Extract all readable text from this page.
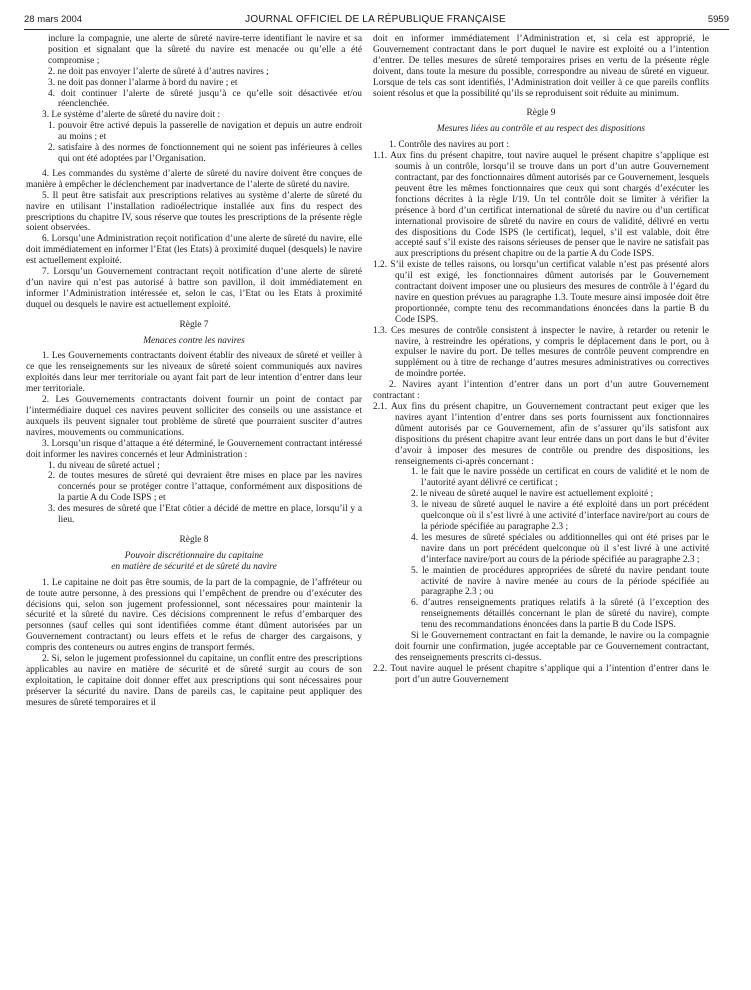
28 mars 2004	JOURNAL OFFICIEL DE LA RÉPUBLIQUE FRANÇAISE	5959

inclure la compagnie, une alerte de sûreté navire-terre identifiant le navire et sa position et signalant que la sûreté du navire est menacée ou qu’elle a été compromise ;

2. ne doit pas envoyer l’alerte de sûreté à d’autres navires ;

3. ne doit pas donner l’alarme à bord du navire ; et

4. doit continuer l’alerte de sûreté jusqu’à ce qu’elle soit désactivée et/ou réenclenchée.

3. Le système d’alerte de sûreté du navire doit :

1. pouvoir être activé depuis la passerelle de navigation et depuis un autre endroit au moins ; et

2. satisfaire à des normes de fonctionnement qui ne soient pas inférieures à celles qui ont été adoptées par l’Organisation.

4. Les commandes du système d’alerte de sûreté du navire doivent être conçues de manière à empêcher le déclenchement par inadvertance de l’alerte de sûreté du navire.

5. Il peut être satisfait aux prescriptions relatives au système d’alerte de sûreté du navire en utilisant l’installation radioélectrique installée aux fins du respect des prescriptions du chapitre IV, sous réserve que toutes les prescriptions de la présente règle soient observées.

6. Lorsqu’une Administration reçoit notification d’une alerte de sûreté du navire, elle doit immédiatement en informer l’Etat (les Etats) à proximité duquel (desquels) le navire est actuellement exploité.

7. Lorsqu’un Gouvernement contractant reçoit notification d’une alerte de sûreté d’un navire qui n’est pas autorisé à battre son pavillon, il doit immédiatement en informer l’Administration intéressée et, selon le cas, l’Etat ou les Etats à proximité duquel ou desquels le navire est actuellement exploité.

Règle 7

Menaces contre les navires

1. Les Gouvernements contractants doivent établir des niveaux de sûreté et veiller à ce que les renseignements sur les niveaux de sûreté soient communiqués aux navires exploités dans leur mer territoriale ou ayant fait part de leur intention d’entrer dans leur mer territoriale.

2. Les Gouvernements contractants doivent fournir un point de contact par l’intermédiaire duquel ces navires peuvent solliciter des conseils ou une assistance et auxquels ils peuvent signaler tout problème de sûreté que pourraient susciter d’autres navires, mouvements ou communications.

3. Lorsqu’un risque d’attaque a été déterminé, le Gouvernement contractant intéressé doit informer les navires concernés et leur Administration :

1. du niveau de sûreté actuel ;

2. de toutes mesures de sûreté qui devraient être mises en place par les navires concernés pour se protéger contre l’attaque, conformément aux dispositions de la partie A du Code ISPS ; et

3. des mesures de sûreté que l’Etat côtier a décidé de mettre en place, lorsqu’il y a lieu.

Règle 8

Pouvoir discrétionnaire du capitaine

en matière de sécurité et de sûreté du navire

1. Le capitaine ne doit pas être soumis, de la part de la compagnie, de l’affréteur ou de toute autre personne, à des pressions qui l’empêchent de prendre ou d’exécuter des décisions qui, selon son jugement professionnel, sont nécessaires pour maintenir la sécurité et la sûreté du navire. Ces décisions comprennent le refus d’embarquer des personnes (sauf celles qui sont identifiées comme étant dûment autorisées par un Gouvernement contractant) ou leurs effets et le refus de charger des cargaisons, y compris des conteneurs ou autres engins de transport fermés.

2. Si, selon le jugement professionnel du capitaine, un conflit entre des prescriptions applicables au navire en matière de sécurité et de sûreté surgit au cours de son exploitation, le capitaine doit donner effet aux prescriptions qui sont nécessaires pour préserver la sécurité du navire. Dans de pareils cas, le capitaine peut appliquer des mesures de sûreté temporaires et il

doit en informer immédiatement l’Administration et, si cela est approprié, le Gouvernement contractant dans le port duquel le navire est exploité ou a l’intention d’entrer. De telles mesures de sûreté temporaires prises en vertu de la présente règle doivent, dans toute la mesure du possible, correspondre au niveau de sûreté en vigueur. Lorsque de tels cas sont identifiés, l’Administration doit veiller à ce que pareils conflits soient résolus et que la possibilité qu’ils se reproduisent soit réduite au minimum.

Règle 9

Mesures liées au contrôle et au respect des dispositions

1. Contrôle des navires au port :

1.1. Aux fins du présent chapitre, tout navire auquel le présent chapitre s’applique est soumis à un contrôle, lorsqu’il se trouve dans un port d’un autre Gouvernement contractant, par des fonctionnaires dûment autorisés par ce Gouvernement, lesquels peuvent être les mêmes fonctionnaires que ceux qui sont chargés d’exécuter les fonctions décrites à la règle I/19. Un tel contrôle doit se limiter à vérifier la présence à bord d’un certificat international de sûreté du navire ou d’un certificat international provisoire de sûreté du navire en cours de validité, délivré en vertu des dispositions du Code ISPS (le certificat), lequel, s’il est valable, doit être accepté sauf s’il existe des raisons sérieuses de penser que le navire ne satisfait pas aux prescriptions du présent chapitre ou de la partie A du Code ISPS.

1.2. S’il existe de telles raisons, ou lorsqu’un certificat valable n’est pas présenté alors qu’il est exigé, les fonctionnaires dûment autorisés par le Gouvernement contractant doivent imposer une ou plusieurs des mesures de contrôle à l’égard du navire en question prévues au paragraphe 1.3. Toute mesure ainsi imposée doit être proportionnée, compte tenu des recommandations énoncées dans la partie B du Code ISPS.

1.3. Ces mesures de contrôle consistent à inspecter le navire, à retarder ou retenir le navire, à restreindre les opérations, y compris le déplacement dans le port, ou à expulser le navire du port. De telles mesures de contrôle peuvent comprendre en supplément ou à titre de rechange d’autres mesures administratives ou correctives de moindre portée.

2. Navires ayant l’intention d’entrer dans un port d’un autre Gouvernement contractant :

2.1. Aux fins du présent chapitre, un Gouvernement contractant peut exiger que les navires ayant l’intention d’entrer dans ses ports fournissent aux fonctionnaires dûment autorisés par ce Gouvernement, afin de s’assurer qu’ils satisfont aux dispositions du présent chapitre avant leur entrée dans un port dans le but d’éviter d’avoir à imposer des mesures de contrôle ou prendre des dispositions, les renseignements ci-après concernant :

1. le fait que le navire possède un certificat en cours de validité et le nom de l’autorité ayant délivré ce certificat ;

2. le niveau de sûreté auquel le navire est actuellement exploité ;

3. le niveau de sûreté auquel le navire a été exploité dans un port précédent quelconque où il s’est livré à une activité d’interface navire/port au cours de la période spécifiée au paragraphe 2.3 ;

4. les mesures de sûreté spéciales ou additionnelles qui ont été prises par le navire dans un port précédent quelconque où il s’est livré à une activité d’interface navire/port au cours de la période spécifiée au paragraphe 2.3 ;

5. le maintien de procédures appropriées de sûreté du navire pendant toute activité de navire à navire menée au cours de la période spécifiée au paragraphe 2.3 ; ou

6. d’autres renseignements pratiques relatifs à la sûreté (à l’exception des renseignements détaillés concernant le plan de sûreté du navire), compte tenu des recommandations énoncées dans la partie B du Code ISPS.

Si le Gouvernement contractant en fait la demande, le navire ou la compagnie doit fournir une confirmation, jugée acceptable par ce Gouvernement contractant, des renseignements prescrits ci-dessus.

2.2. Tout navire auquel le présent chapitre s’applique qui a l’intention d’entrer dans le port d’un autre Gouvernement
